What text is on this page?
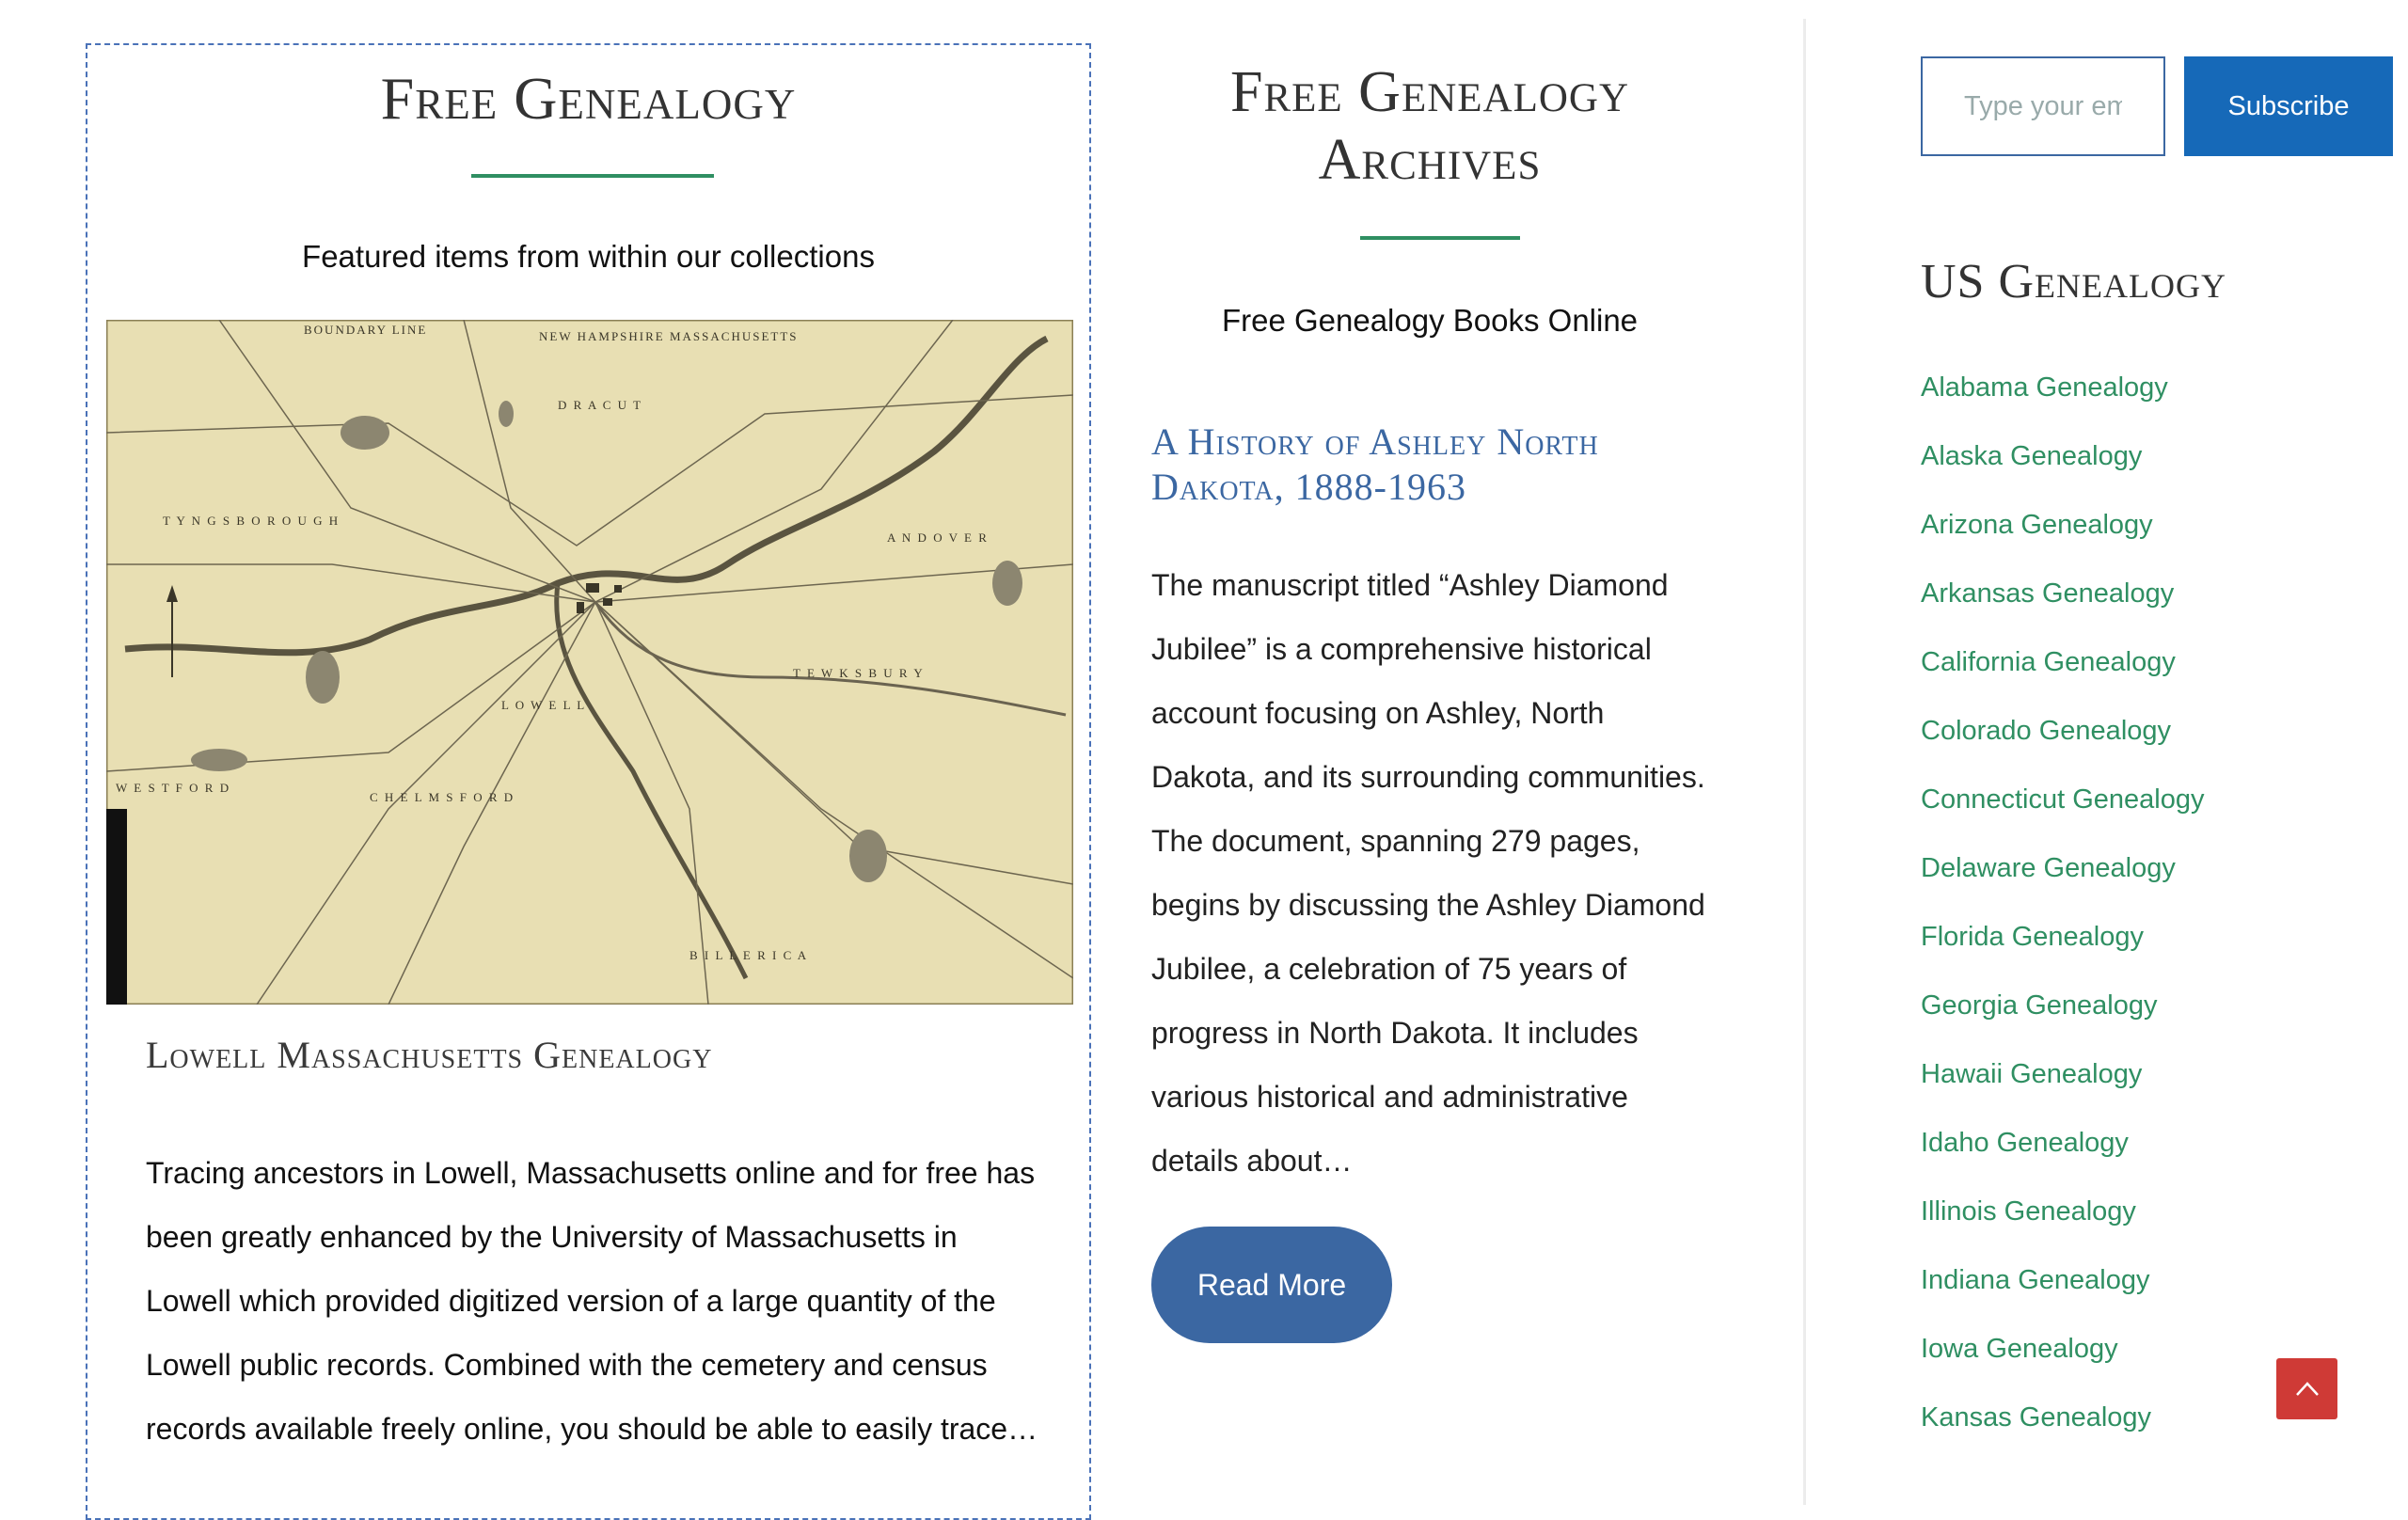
Free Genealogy
Featured items from within our collections
BOUNDARY LINE	NEW HAMPSHIRE MASSACHUSETTS
D R A C U T
T Y N G S B O R O U G H
A N D O V E R
T E W K S B U R Y
L O W E L L
W E S T F O R D
C H E L M S F O R D
B I L L E R I C A
Lowell Massachusetts Genealogy
Tracing ancestors in Lowell, Massachusetts online and for free has been greatly enhanced by the University of Massachusetts in Lowell which provided digitized version of a large quantity of the Lowell public records. Combined with the cemetery and census records available freely online, you should be able to easily trace…
Free Genealogy
Archives
Free Genealogy Books Online
A History of Ashley North Dakota, 1888-1963
The manuscript titled “Ashley Diamond Jubilee” is a comprehensive historical account focusing on Ashley, North Dakota, and its surrounding communities. The document, spanning 279 pages, begins by discussing the Ashley Diamond Jubilee, a celebration of 75 years of progress in North Dakota. It includes various historical and administrative details about…
Read More
Type your email
Subscribe
US Genealogy
Alabama Genealogy
Alaska Genealogy
Arizona Genealogy
Arkansas Genealogy
California Genealogy
Colorado Genealogy
Connecticut Genealogy
Delaware Genealogy
Florida Genealogy
Georgia Genealogy
Hawaii Genealogy
Idaho Genealogy
Illinois Genealogy
Indiana Genealogy
Iowa Genealogy
Kansas Genealogy
